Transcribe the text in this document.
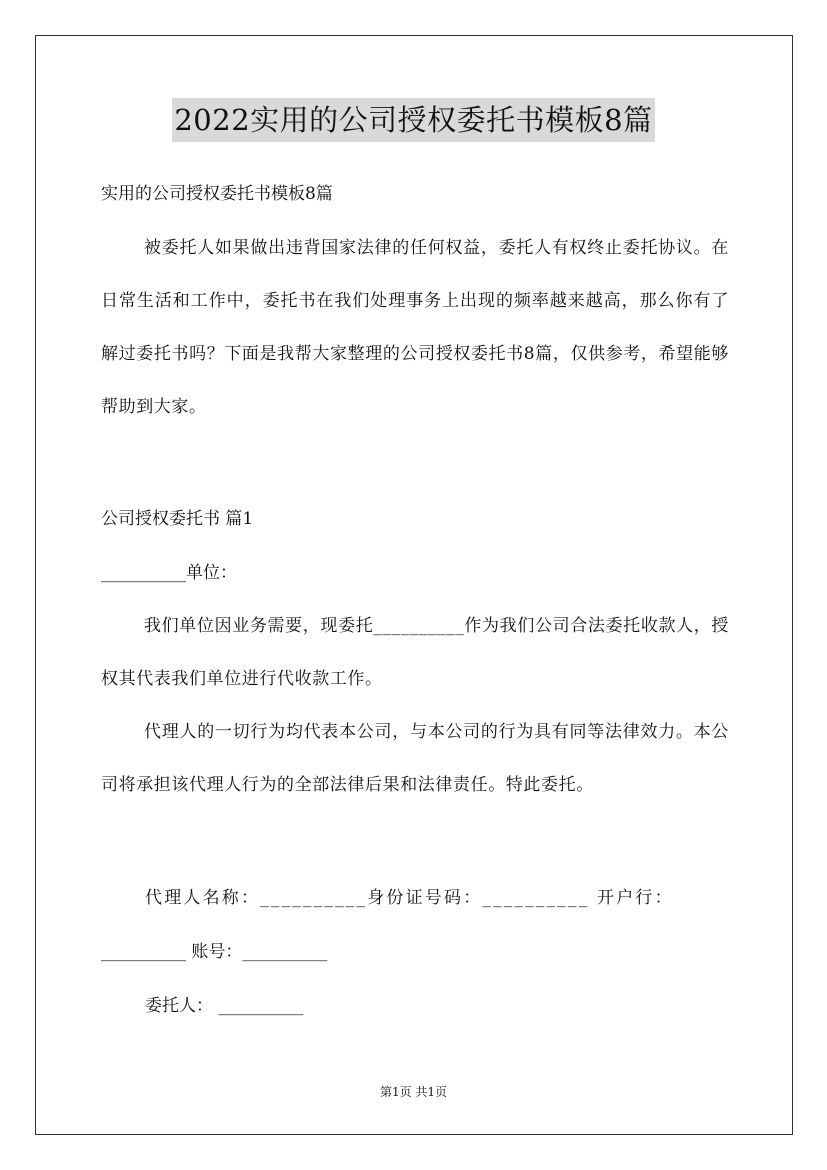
2022实用的公司授权委托书模板8篇
实用的公司授权委托书模板8篇
被委托人如果做出违背国家法律的任何权益，委托人有权终止委托协议。在日常生活和工作中，委托书在我们处理事务上出现的频率越来越高，那么你有了解过委托书吗？下面是我帮大家整理的公司授权委托书8篇，仅供参考，希望能够帮助到大家。
公司授权委托书 篇1
__________单位：
我们单位因业务需要，现委托__________作为我们公司合法委托收款人，授权其代表我们单位进行代收款工作。
代理人的一切行为均代表本公司，与本公司的行为具有同等法律效力。本公司将承担该代理人行为的全部法律后果和法律责任。特此委托。
代理人名称：__________身份证号码：__________ 开户行：
__________ 账号：__________
委托人： __________
第1页 共1页
